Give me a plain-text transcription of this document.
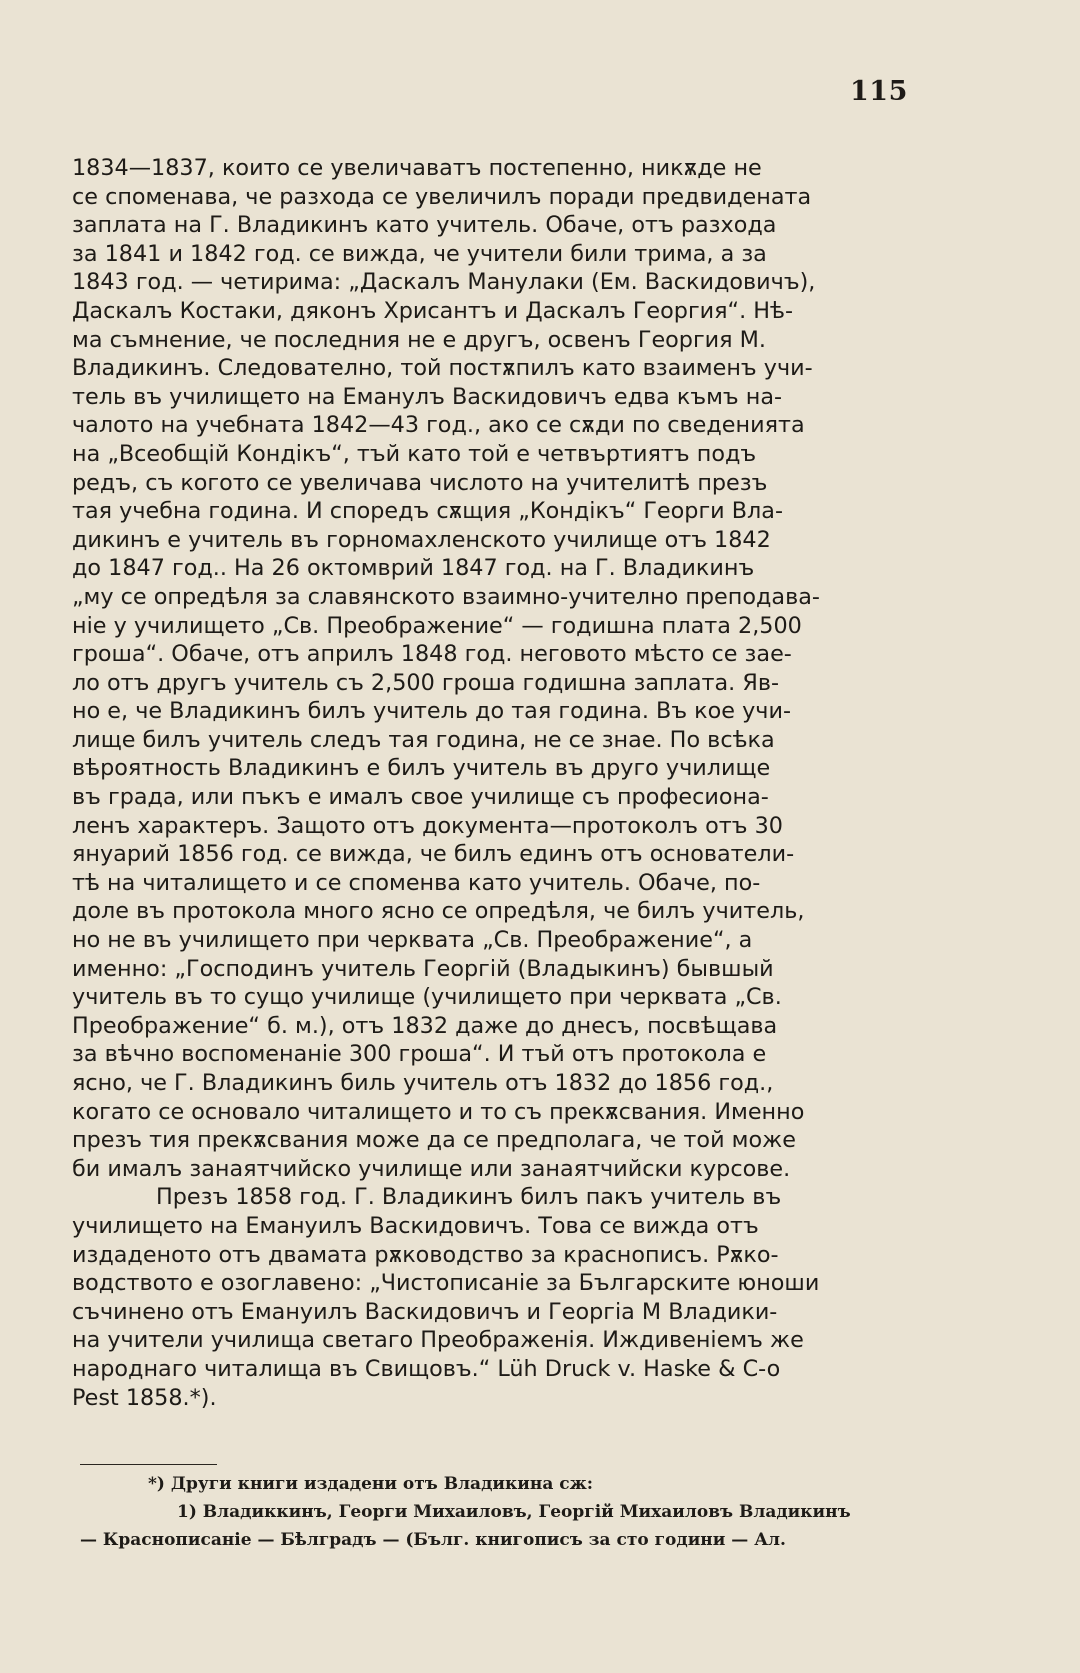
115
1834—1837, които се увеличаватъ постепенно, никѫде не
се споменава, че разхода се увеличилъ поради предвидената
заплата на Г. Владикинъ като учитель. Обаче, отъ разхода
за 1841 и 1842 год. се вижда, че учители били трима, а за
1843 год. — четирима: „Даскалъ Манулаки (Ем. Васкидовичъ),
Даскалъ Костаки, дяконъ Хрисантъ и Даскалъ Георгия“. Нѣ-
ма съмнение, че последния не е другъ, освенъ Георгия М.
Владикинъ. Следователно, той постѫпилъ като взаименъ учи-
тель въ училището на Еманулъ Васкидовичъ едва къмъ на-
чалото на учебната 1842—43 год., ако се сѫди по сведенията
на „Всеобщій Кондікъ“, тъй като той е четвъртиятъ подъ
редъ, съ когото се увеличава числото на учителитѣ презъ
тая учебна година. И споредъ сѫщия „Кондікъ“ Георги Вла-
дикинъ е учитель въ горномахленското училище отъ 1842
до 1847 год.. На 26 октомврий 1847 год. на Г. Владикинъ
„му се опредѣля за славянското взаимно-учително преподава-
ніе у училището „Св. Преображение“ — годишна плата 2,500
гроша“. Обаче, отъ априлъ 1848 год. неговото мѣсто се зае-
ло отъ другъ учитель съ 2,500 гроша годишна заплата. Яв-
но е, че Владикинъ билъ учитель до тая година. Въ кое учи-
лище билъ учитель следъ тая година, не се знае. По всѣка
вѣроятность Владикинъ е билъ учитель въ друго училище
въ града, или пъкъ е ималъ свое училище съ професиона-
ленъ характеръ. Защото отъ документа—протоколъ отъ 30
януарий 1856 год. се вижда, че билъ единъ отъ основатели-
тѣ на читалището и се споменва като учитель. Обаче, по-
доле въ протокола много ясно се опредѣля, че билъ учитель,
но не въ училището при черквата „Св. Преображение“, а
именно: „Господинъ учитель Георгій (Владыкинъ) бывшый
учитель въ то сущо училище (училището при черквата „Св.
Преображение“ б. м.), отъ 1832 даже до днесъ, посвѣщава
за вѣчно воспоменаніе 300 гроша“. И тъй отъ протокола е
ясно, че Г. Владикинъ биль учитель отъ 1832 до 1856 год.,
когато се основало читалището и то съ прекѫсвания. Именно
презъ тия прекѫсвания може да се предполага, че той може
би ималъ занаятчийско училище или занаятчийски курсове.
Презъ 1858 год. Г. Владикинъ билъ пакъ учитель въ
училището на Емануилъ Васкидовичъ. Това се вижда отъ
издаденото отъ двамата рѫководство за краснописъ. Рѫко-
водството е озоглавено: „Чистописаніе за Българските юноши
съчинено отъ Емануилъ Васкидовичъ и Георгіа М Владики-
на учители училища светаго Преображенія. Иждивеніемъ же
народнаго читалища въ Свищовъ.“ Lüh Druck v. Haske & C-o
Pest 1858.*).
*) Други книги издадени отъ Владикина сж:
1) Владиккинъ, Георги Михаиловъ, Георгій Михаиловъ Владикинъ
— Краснописаніе — Бѣлградъ — (Бълг. книгописъ за сто години — Ал.
